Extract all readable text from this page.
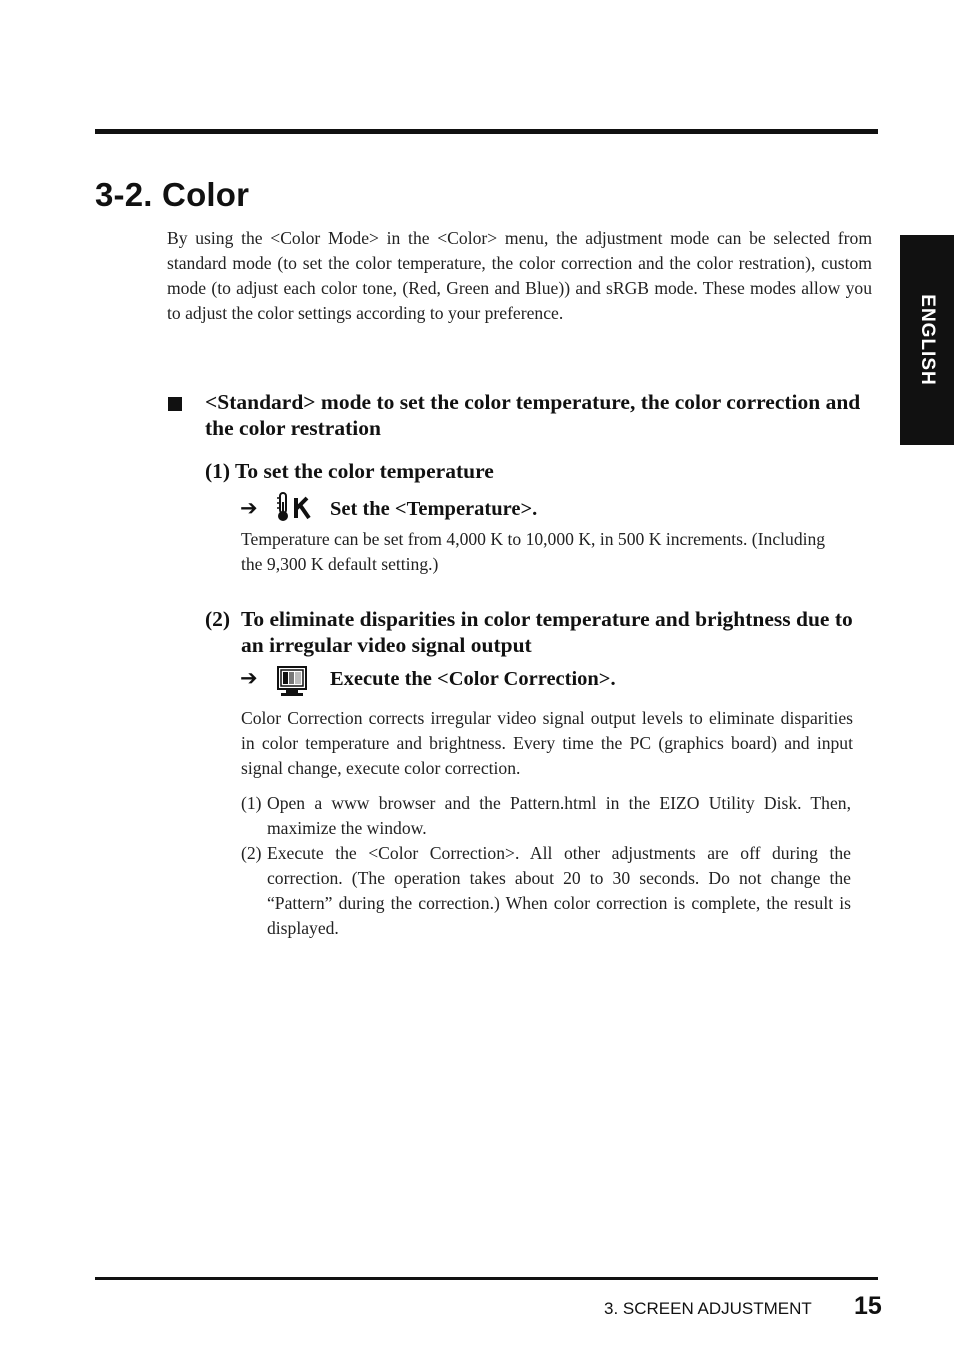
3-2. Color

By using the <Color Mode> in the <Color> menu, the adjustment mode can be selected from standard mode (to set the color temperature, the color correction and the color restration), custom mode (to adjust each color tone, (Red, Green and Blue)) and sRGB mode. These modes allow you to adjust the color settings according to your preference.	ENGLISH
<Standard> mode to set the color temperature, the color correction and the color restration
(1) To set the color temperature
➔	Set the <Temperature>.

Temperature can be set from 4,000 K to 10,000 K, in 500 K increments. (Including the 9,300 K default setting.)

(2) To eliminate disparities in color temperature and brightness due to an irregular video signal output
➔	Execute the <Color Correction>.

Color Correction corrects irregular video signal output levels to eliminate disparities in color temperature and brightness. Every time the PC (graphics board) and input signal change, execute color correction.

(1) Open a www browser and the Pattern.html in the EIZO Utility Disk. Then, maximize the window.
(2) Execute the <Color Correction>. All other adjustments are off during the correction. (The operation takes about 20 to 30 seconds. Do not change the “Pattern” during the correction.) When color correction is complete, the result is displayed.
3. SCREEN ADJUSTMENT 15
